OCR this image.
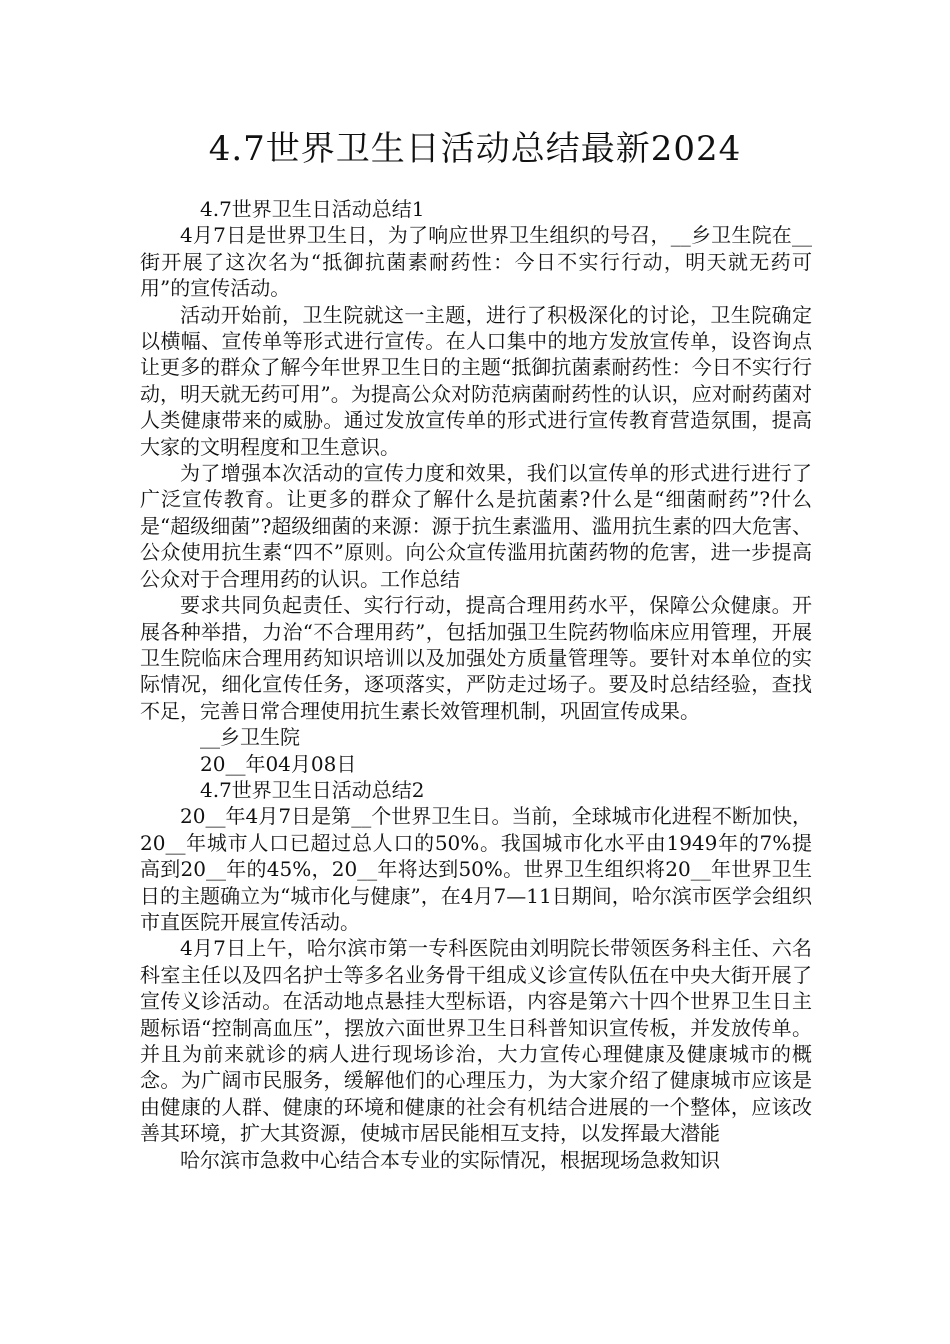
4.7世界卫生日活动总结最新2024

4.7世界卫生日活动总结1

4月7日是世界卫生日，为了响应世界卫生组织的号召，__乡卫生院在__街开展了这次名为“抵御抗菌素耐药性：今日不实行行动，明天就无药可用”的宣传活动。

活动开始前，卫生院就这一主题，进行了积极深化的讨论，卫生院确定以横幅、宣传单等形式进行宣传。在人口集中的地方发放宣传单，设咨询点让更多的群众了解今年世界卫生日的主题“抵御抗菌素耐药性：今日不实行行动，明天就无药可用”。为提高公众对防范病菌耐药性的认识，应对耐药菌对人类健康带来的威胁。通过发放宣传单的形式进行宣传教育营造氛围，提高大家的文明程度和卫生意识。

为了增强本次活动的宣传力度和效果，我们以宣传单的形式进行进行了广泛宣传教育。让更多的群众了解什么是抗菌素?什么是“细菌耐药”?什么是“超级细菌”?超级细菌的来源：源于抗生素滥用、滥用抗生素的四大危害、公众使用抗生素“四不”原则。向公众宣传滥用抗菌药物的危害，进一步提高公众对于合理用药的认识。工作总结

要求共同负起责任、实行行动，提高合理用药水平，保障公众健康。开展各种举措，力治“不合理用药”，包括加强卫生院药物临床应用管理，开展卫生院临床合理用药知识培训以及加强处方质量管理等。要针对本单位的实际情况，细化宣传任务，逐项落实，严防走过场子。要及时总结经验，查找不足，完善日常合理使用抗生素长效管理机制，巩固宣传成果。

__乡卫生院

20__年04月08日

4.7世界卫生日活动总结2

20__年4月7日是第__个世界卫生日。当前，全球城市化进程不断加快，20__年城市人口已超过总人口的50%。我国城市化水平由1949年的7%提高到20__年的45%，20__年将达到50%。世界卫生组织将20__年世界卫生日的主题确立为“城市化与健康”，在4月7—11日期间，哈尔滨市医学会组织市直医院开展宣传活动。

4月7日上午，哈尔滨市第一专科医院由刘明院长带领医务科主任、六名科室主任以及四名护士等多名业务骨干组成义诊宣传队伍在中央大街开展了宣传义诊活动。在活动地点悬挂大型标语，内容是第六十四个世界卫生日主题标语“控制高血压”，摆放六面世界卫生日科普知识宣传板，并发放传单。并且为前来就诊的病人进行现场诊治，大力宣传心理健康及健康城市的概念。为广阔市民服务，缓解他们的心理压力，为大家介绍了健康城市应该是由健康的人群、健康的环境和健康的社会有机结合进展的一个整体，应该改善其环境，扩大其资源，使城市居民能相互支持，以发挥最大潜能

哈尔滨市急救中心结合本专业的实际情况，根据现场急救知识
